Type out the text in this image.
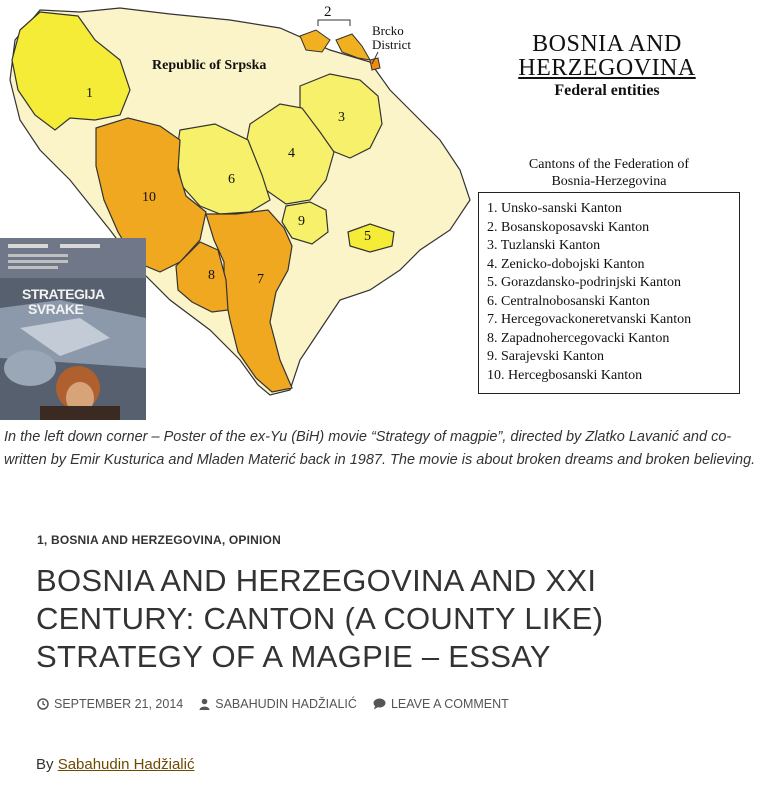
2
Brcko
District
Republic of Srpska
1
3
4
6
10
9
5
8	7
BOSNIA AND
HERZEGOVINA
Federal entities
Cantons of the Federation of
Bosnia-Herzegovina
1. Unsko-sanski Kanton
2. Bosanskoposavski Kanton
3. Tuzlanski Kanton
4. Zenicko-dobojski Kanton
5. Gorazdansko-podrinjski Kanton
6. Centralnobosanski Kanton
7. Hercegovackoneretvanski Kanton
8. Zapadnohercegovacki Kanton
9. Sarajevski Kanton
10. Hercegbosanski Kanton
STRATEGIJA
SVRAKE
In the left down corner – Poster of the ex-Yu (BiH) movie “Strategy of magpie”, directed by Zlatko Lavanić and co-written by Emir Kusturica and Mladen Materić back in 1987. The movie is about broken dreams and broken believing.
1, BOSNIA AND HERZEGOVINA, OPINION
BOSNIA AND HERZEGOVINA AND XXI CENTURY: CANTON (A COUNTY LIKE) STRATEGY OF A MAGPIE – ESSAY
SEPTEMBER 21, 2014	SABAHUDIN HADŽIALIĆ	LEAVE A COMMENT
By Sabahudin Hadžialić
